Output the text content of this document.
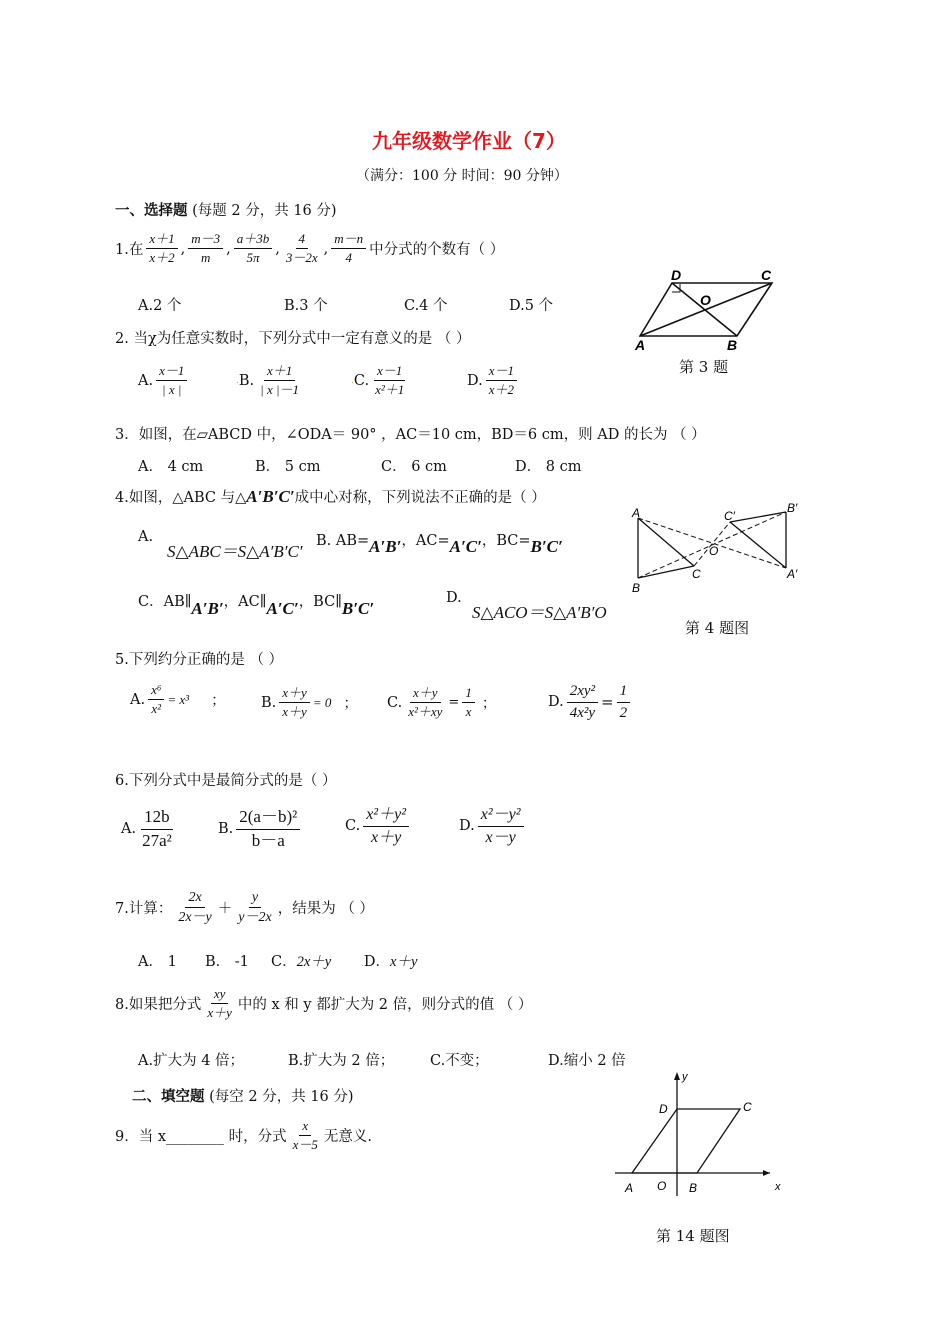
九年级数学作业（7）
（满分：100 分 时间：90 分钟）
一、选择题 (每题 2 分，共 16 分)
1.在
x＋1
x＋2
,
m－3
m
,
a＋3b
5π
,
4
3－2x
,
m－n
4 中分式的个数有（ ）
A.2 个	B.3 个	C.4 个	D.5 个
D	C
O
A	B
第 3 题
2. 当χ为任意实数时，下列分式中一定有意义的是 （ ）
A.
x－1
| x |
. B.
x＋1
| x |－1
. C.
x－1
x²＋1
D.
x－1
x＋2
3．如图，在▱ABCD 中，∠ODA＝ 90° ，AC＝10 cm，BD＝6 cm，则 AD 的长为 （ ）
A． 4 cm	B． 5 cm	C． 6 cm	D． 8 cm
4.如图，△ABC 与△A′B′C′成中心对称，下列说法不正确的是（ ）
A.
S△ABC＝S△A′B′C′
B. AB=A′B′，AC=A′C′，BC=B′C′
C．AB∥A′B′，AC∥A′C′，BC∥B′C′
D.
S△ACO＝S△A′B′O
A
B
C
C′
O
B′
A′
第 4 题图
5.下列约分正确的是 （ ）
A. $\frac{\text{x⁶}}{\text{x²}} = x^3$ ； B. $\frac{x+y}{x+y} = 0$ ； C. $\frac{x+y}{\text{x²＋xy}} = \frac{1}{x}$ ；	D. $\frac{\text{2xy²}}{\text{4x²y}} = \frac{1}{2}$
6.下列分式中是最简分式的是（ ）
A.
12b
27a²
B.
2(a－b)²
b－a
C.
x²＋y²
x＋y
D.
x²－y²
x－y
7.计算：
2x
2x－y
＋
y
y－2x
，结果为 （ ）
A． 1 B． -1 C．2x＋y	.D．x＋y
8.如果把分式
xy
x＋y 中的 x 和 y 都扩大为 2 倍，则分式的值 （ ）
A.扩大为 4 倍；	B.扩大为 2 倍； C.不变；	D.缩小 2 倍
二、填空题 (每空 2 分，共 16 分)
9．当 x________ 时，分式
x
x－5 无意义.
y
D	C
A O B	x
第 14 题图
